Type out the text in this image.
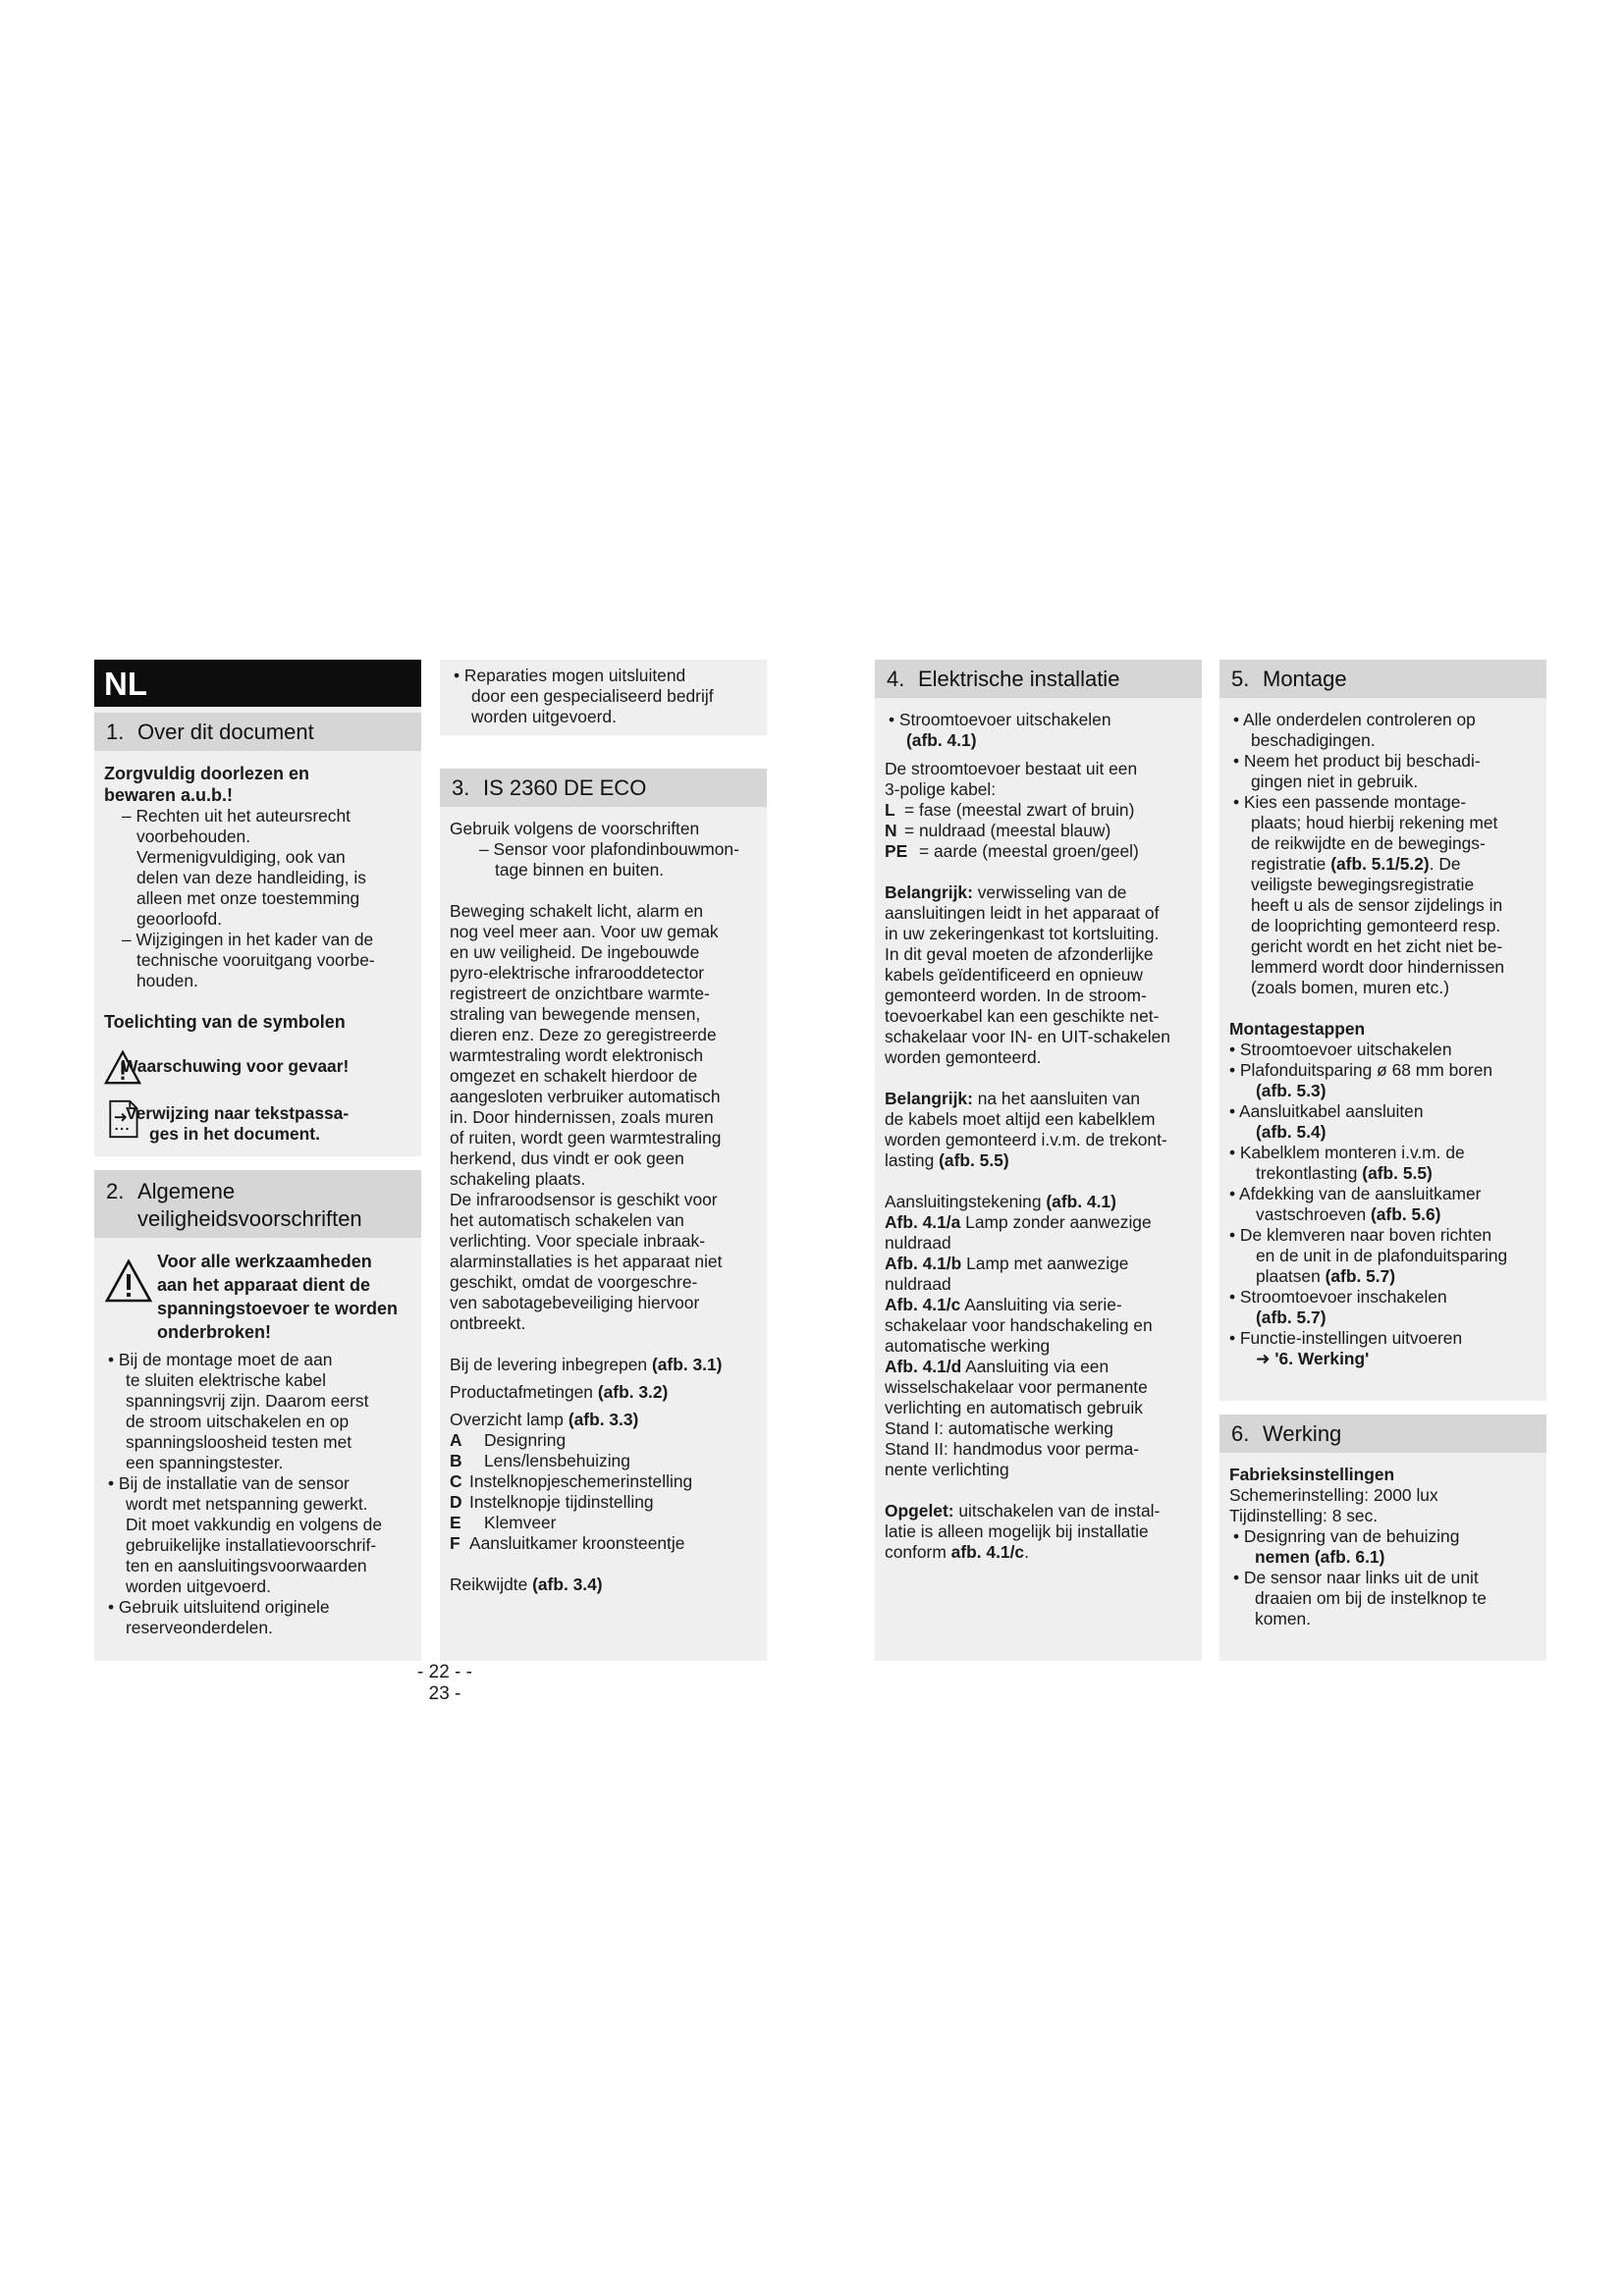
NL
1. Over dit document
Zorgvuldig doorlezen en
bewaren a.u.b.!
– Rechten uit het auteursrecht
voorbehouden.
Vermenigvuldiging, ook van
delen van deze handleiding, is
alleen met onze toestemming
geoorloofd.
– Wijzigingen in het kader van de
technische vooruitgang voorbe-
houden.
Toelichting van de symbolen
Waarschuwing voor gevaar!
Verwijzing naar tekstpassa-
ges in het document.
2. Algemene
veiligheidsvoorschriften
Voor alle werkzaamheden
aan het apparaat dient de
spanningstoevoer te worden
onderbroken!
• Bij de montage moet de aan
te sluiten elektrische kabel
spanningsvrij zijn. Daarom eerst
de stroom uitschakelen en op
spanningsloosheid testen met
een spanningstester.
• Bij de installatie van de sensor
wordt met netspanning gewerkt.
Dit moet vakkundig en volgens de
gebruikelijke installatievoorschrif-
ten en aansluitingsvoorwaarden
worden uitgevoerd.
• Gebruik uitsluitend originele
reserveonderdelen.
• Reparaties mogen uitsluitend
door een gespecialiseerd bedrijf
worden uitgevoerd.
3. IS 2360 DE ECO
Gebruik volgens de voorschriften
– Sensor voor plafondinbouwmon-
tage binnen en buiten.
Beweging schakelt licht, alarm en
nog veel meer aan. Voor uw gemak
en uw veiligheid. De ingebouwde
pyro-elektrische infrarooddetector
registreert de onzichtbare warmte-
straling van bewegende mensen,
dieren enz. Deze zo geregistreerde
warmtestraling wordt elektronisch
omgezet en schakelt hierdoor de
aangesloten verbruiker automatisch
in. Door hindernissen, zoals muren
of ruiten, wordt geen warmtestraling
herkend, dus vindt er ook geen
schakeling plaats.
De infraroodsensor is geschikt voor
het automatisch schakelen van
verlichting. Voor speciale inbraak-
alarminstallaties is het apparaat niet
geschikt, omdat de voorgeschre-
ven sabotagebeveiliging hiervoor
ontbreekt.
Bij de levering inbegrepen (afb. 3.1)
Productafmetingen (afb. 3.2)
Overzicht lamp (afb. 3.3)
A	Designring
B	Lens/lensbehuizing
C Instelknopjeschemerinstelling
D Instelknopje tijdinstelling
E	Klemveer
F Aansluitkamer kroonsteentje
Reikwijdte (afb. 3.4)
- 22 - - 23 -
4. Elektrische installatie
• Stroomtoevoer uitschakelen
(afb. 4.1)
De stroomtoevoer bestaat uit een
3-polige kabel:
L = fase (meestal zwart of bruin)
N = nuldraad (meestal blauw)
PE = aarde (meestal groen/geel)
Belangrijk: verwisseling van de
aansluitingen leidt in het apparaat of
in uw zekeringenkast tot kortsluiting.
In dit geval moeten de afzonderlijke
kabels geïdentificeerd en opnieuw
gemonteerd worden. In de stroom-
toevoerkabel kan een geschikte net-
schakelaar voor IN- en UIT-schakelen
worden gemonteerd.
Belangrijk: na het aansluiten van
de kabels moet altijd een kabelklem
worden gemonteerd i.v.m. de trekont-
lasting (afb. 5.5)
Aansluitingstekening (afb. 4.1)
Afb. 4.1/a Lamp zonder aanwezige
nuldraad
Afb. 4.1/b Lamp met aanwezige
nuldraad
Afb. 4.1/c Aansluiting via serie-
schakelaar voor handschakeling en
automatische werking
Afb. 4.1/d Aansluiting via een
wisselschakelaar voor permanente
verlichting en automatisch gebruik
Stand I: automatische werking
Stand II: handmodus voor perma-
nente verlichting
Opgelet: uitschakelen van de instal-
latie is alleen mogelijk bij installatie
conform afb. 4.1/c.
5. Montage
• Alle onderdelen controleren op
beschadigingen.
• Neem het product bij beschadi-
gingen niet in gebruik.
• Kies een passende montage-
plaats; houd hierbij rekening met
de reikwijdte en de bewegings-
registratie (afb. 5.1/5.2). De
veiligste bewegingsregistratie
heeft u als de sensor zijdelings in
de looprichting gemonteerd resp.
gericht wordt en het zicht niet be-
lemmerd wordt door hindernissen
(zoals bomen, muren etc.)
Montagestappen
• Stroomtoevoer uitschakelen
• Plafonduitsparing ø 68 mm boren
(afb. 5.3)
• Aansluitkabel aansluiten
(afb. 5.4)
• Kabelklem monteren i.v.m. de
trekontlasting (afb. 5.5)
• Afdekking van de aansluitkamer
vastschroeven (afb. 5.6)
• De klemveren naar boven richten
en de unit in de plafonduitsparing
plaatsen (afb. 5.7)
• Stroomtoevoer inschakelen
(afb. 5.7)
• Functie-instellingen uitvoeren
➜ '6. Werking'
6. Werking
Fabrieksinstellingen
Schemerinstelling: 2000 lux
Tijdinstelling: 8 sec.
• Designring van de behuizing
nemen (afb. 6.1)
• De sensor naar links uit de unit
draaien om bij de instelknop te
komen.
